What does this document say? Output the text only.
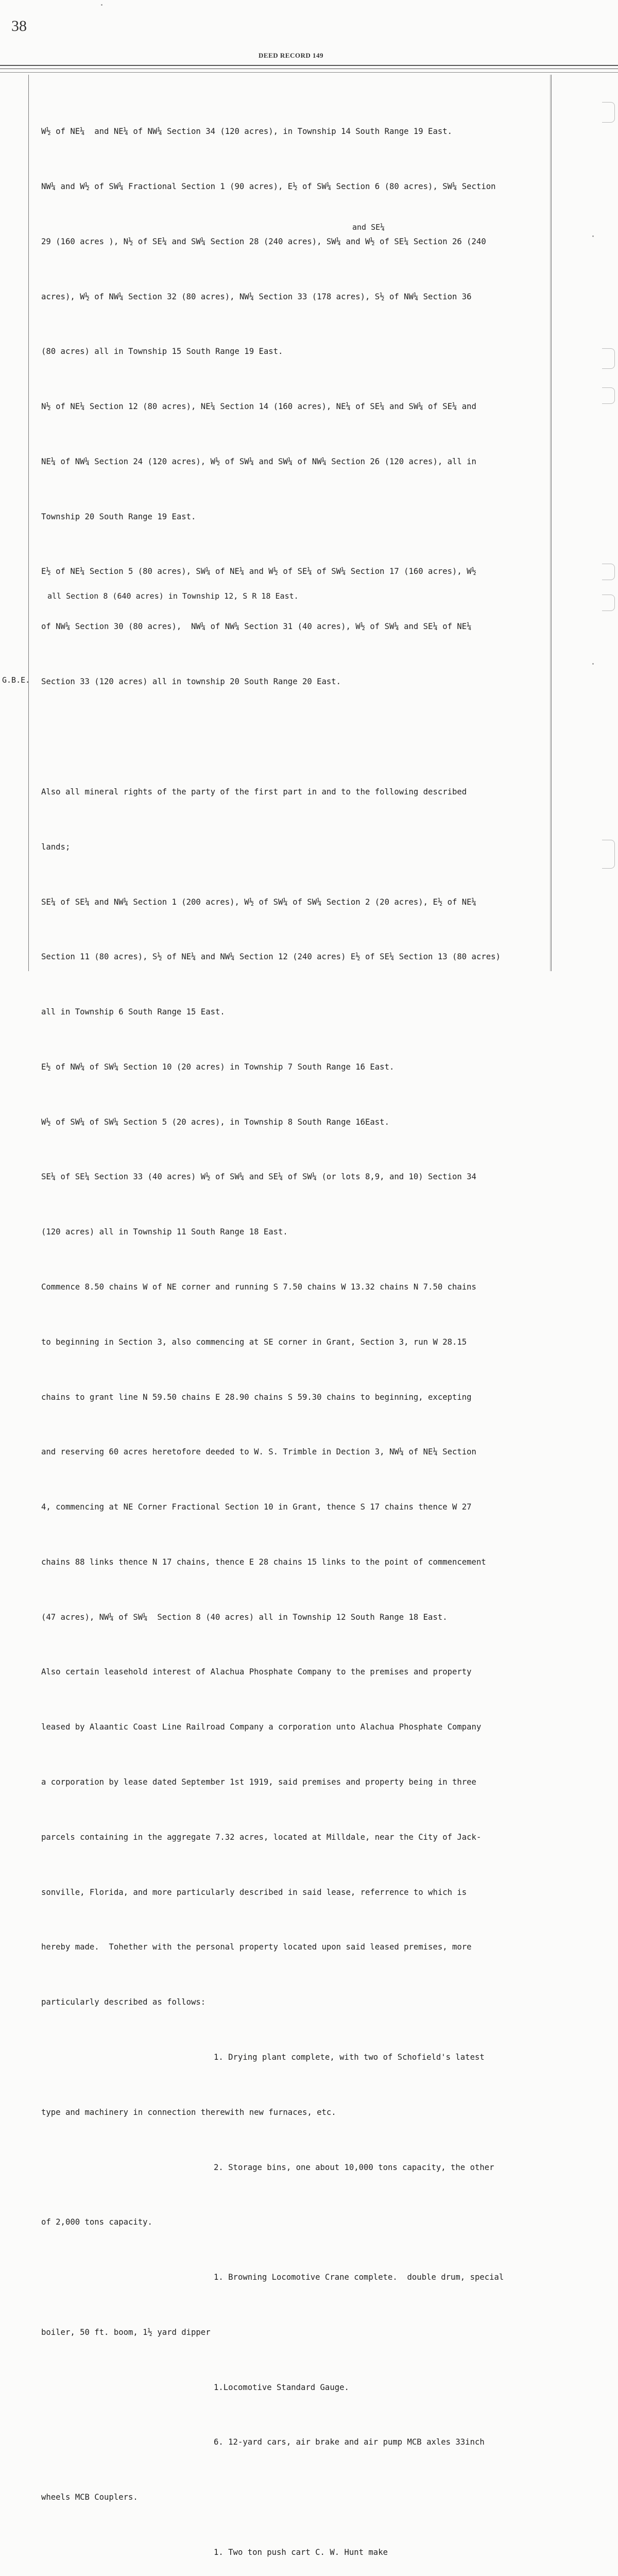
38
DEED RECORD 149
G.B.E.
and SE¼
all Section 8 (640 acres) in Township 12, S R 18 East.

W½ of NE¼  and NE¼ of NW¼ Section 34 (120 acres), in Township 14 South Range 19 East.

NW¼ and W½ of SW¼ Fractional Section 1 (90 acres), E½ of SW¼ Section 6 (80 acres), SW¼ Section

29 (160 acres ), N½ of SE¼ and SW¼ Section 28 (240 acres), SW¼ and W½ of SE¼ Section 26 (240

acres), W½ of NW¼ Section 32 (80 acres), NW¼ Section 33 (178 acres), S½ of NW¼ Section 36

(80 acres) all in Township 15 South Range 19 East.

N½ of NE¼ Section 12 (80 acres), NE¼ Section 14 (160 acres), NE¼ of SE¼ and SW¼ of SE¼ and

NE¼ of NW¼ Section 24 (120 acres), W½ of SW¼ and SW¼ of NW¼ Section 26 (120 acres), all in

Township 20 South Range 19 East.

E½ of NE¼ Section 5 (80 acres), SW¼ of NE¼ and W½ of SE¼ of SW¼ Section 17 (160 acres), W½

of NW¼ Section 30 (80 acres),  NW¼ of NW¼ Section 31 (40 acres), W½ of SW¼ and SE¼ of NE¼

Section 33 (120 acres) all in township 20 South Range 20 East.

Also all mineral rights of the party of the first part in and to the following described

lands;

SE¼ of SE¼ and NW¼ Section 1 (200 acres), W½ of SW¼ of SW¼ Section 2 (20 acres), E½ of NE¼

Section 11 (80 acres), S½ of NE¼ and NW¼ Section 12 (240 acres) E½ of SE¼ Section 13 (80 acres)

all in Township 6 South Range 15 East.

E½ of NW¼ of SW¼ Section 10 (20 acres) in Township 7 South Range 16 East.

W½ of SW¼ of SW¼ Section 5 (20 acres), in Township 8 South Range 16East.

SE¼ of SE¼ Section 33 (40 acres) W½ of SW¼ and SE¼ of SW¼ (or lots 8,9, and 10) Section 34

(120 acres) all in Township 11 South Range 18 East.

Commence 8.50 chains W of NE corner and running S 7.50 chains W 13.32 chains N 7.50 chains

to beginning in Section 3, also commencing at SE corner in Grant, Section 3, run W 28.15

chains to grant line N 59.50 chains E 28.90 chains S 59.30 chains to beginning, excepting

and reserving 60 acres heretofore deeded to W. S. Trimble in Dection 3, NW¼ of NE¼ Section

4, commencing at NE Corner Fractional Section 10 in Grant, thence S 17 chains thence W 27

chains 88 links thence N 17 chains, thence E 28 chains 15 links to the point of commencement

(47 acres), NW¼ of SW¼  Section 8 (40 acres) all in Township 12 South Range 18 East.

Also certain leasehold interest of Alachua Phosphate Company to the premises and property

leased by Alaantic Coast Line Railroad Company a corporation unto Alachua Phosphate Company

a corporation by lease dated September 1st 1919, said premises and property being in three

parcels containing in the aggregate 7.32 acres, located at Milldale, near the City of Jack-

sonville, Florida, and more particularly described in said lease, referrence to which is

hereby made.  Tohether with the personal property located upon said leased premises, more

particularly described as follows:

1. Drying plant complete, with two of Schofield's latest

type and machinery in connection therewith new furnaces, etc.

2. Storage bins, one about 10,000 tons capacity, the other

of 2,000 tons capacity.

1. Browning Locomotive Crane complete.  double drum, special

boiler, 50 ft. boom, 1½ yard dipper

1.Locomotive Standard Gauge.

6. 12-yard cars, air brake and air pump MCB axles 33inch

wheels MCB Couplers.

1. Two ton push cart C. W. Hunt make
